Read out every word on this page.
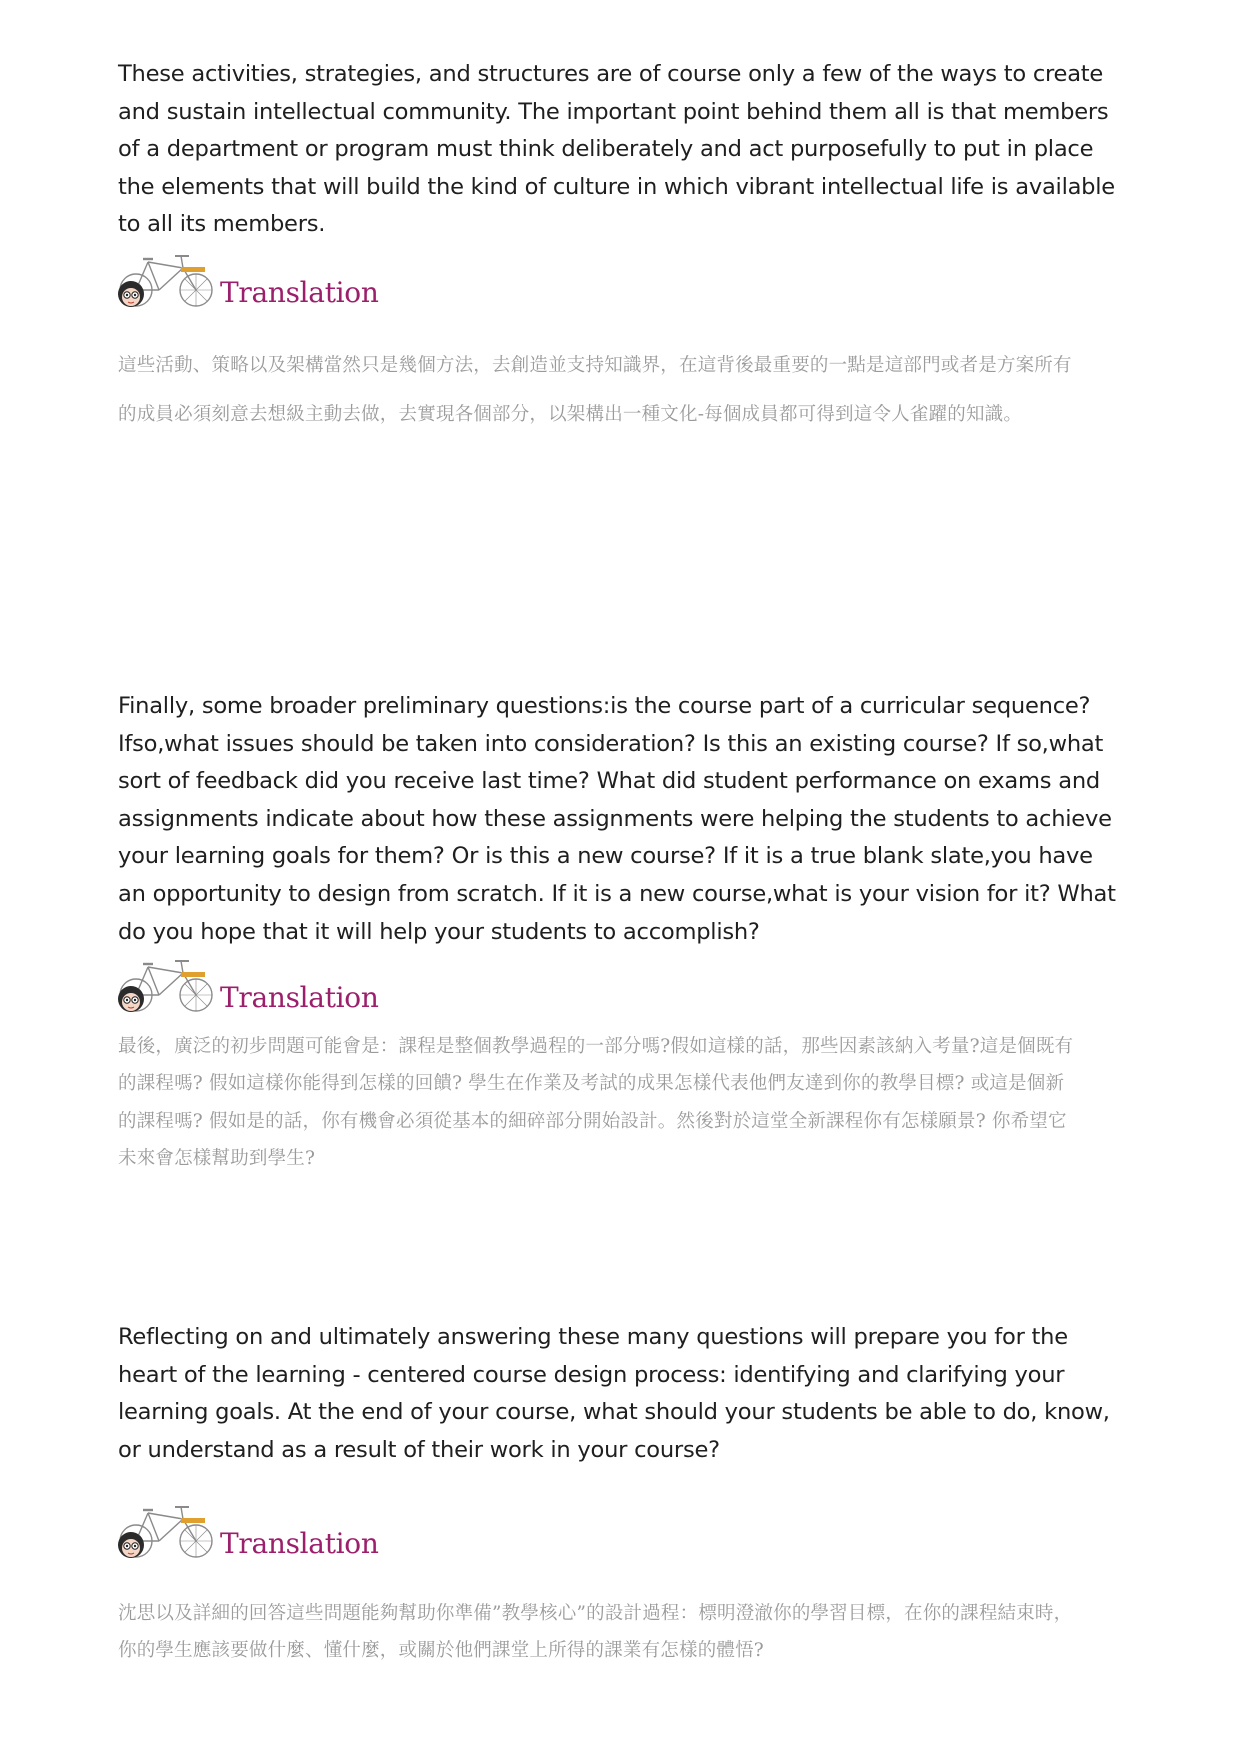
These activities, strategies, and structures are of course only a few of the ways to create and sustain intellectual community. The important point behind them all is that members of a department or program must think deliberately and act purposefully to put in place the elements that will build the kind of culture in which vibrant intellectual life is available to all its members.

Translation

這些活動、策略以及架構當然只是幾個方法，去創造並支持知識界，在這背後最重要的一點是這部門或者是方案所有的成員必須刻意去想級主動去做，去實現各個部分，以架構出一種文化-每個成員都可得到這令人雀躍的知識。

Finally, some broader preliminary questions:is the course part of a curricular sequence? Ifso,what issues should be taken into consideration? Is this an existing course? If so,what sort of feedback did you receive last time? What did student performance on exams and assignments indicate about how these assignments were helping the students to achieve your learning goals for them? Or is this a new course? If it is a true blank slate,you have an opportunity to design from scratch. If it is a new course,what is your vision for it? What do you hope that it will help your students to accomplish?

Translation

最後，廣泛的初步問題可能會是：課程是整個教學過程的一部分嗎?假如這樣的話，那些因素該納入考量?這是個既有的課程嗎? 假如這樣你能得到怎樣的回饋? 學生在作業及考試的成果怎樣代表他們友達到你的教學目標? 或這是個新的課程嗎? 假如是的話，你有機會必須從基本的細碎部分開始設計。然後對於這堂全新課程你有怎樣願景? 你希望它未來會怎樣幫助到學生?

Reflecting on and ultimately answering these many questions will prepare you for the heart of the learning - centered course design process: identifying and clarifying your learning goals. At the end of your course, what should your students be able to do, know, or understand as a result of their work in your course?

Translation

沈思以及詳細的回答這些問題能夠幫助你準備”教學核心”的設計過程：標明澄澈你的學習目標，在你的課程結束時，你的學生應該要做什麼、懂什麼，或關於他們課堂上所得的課業有怎樣的體悟?
